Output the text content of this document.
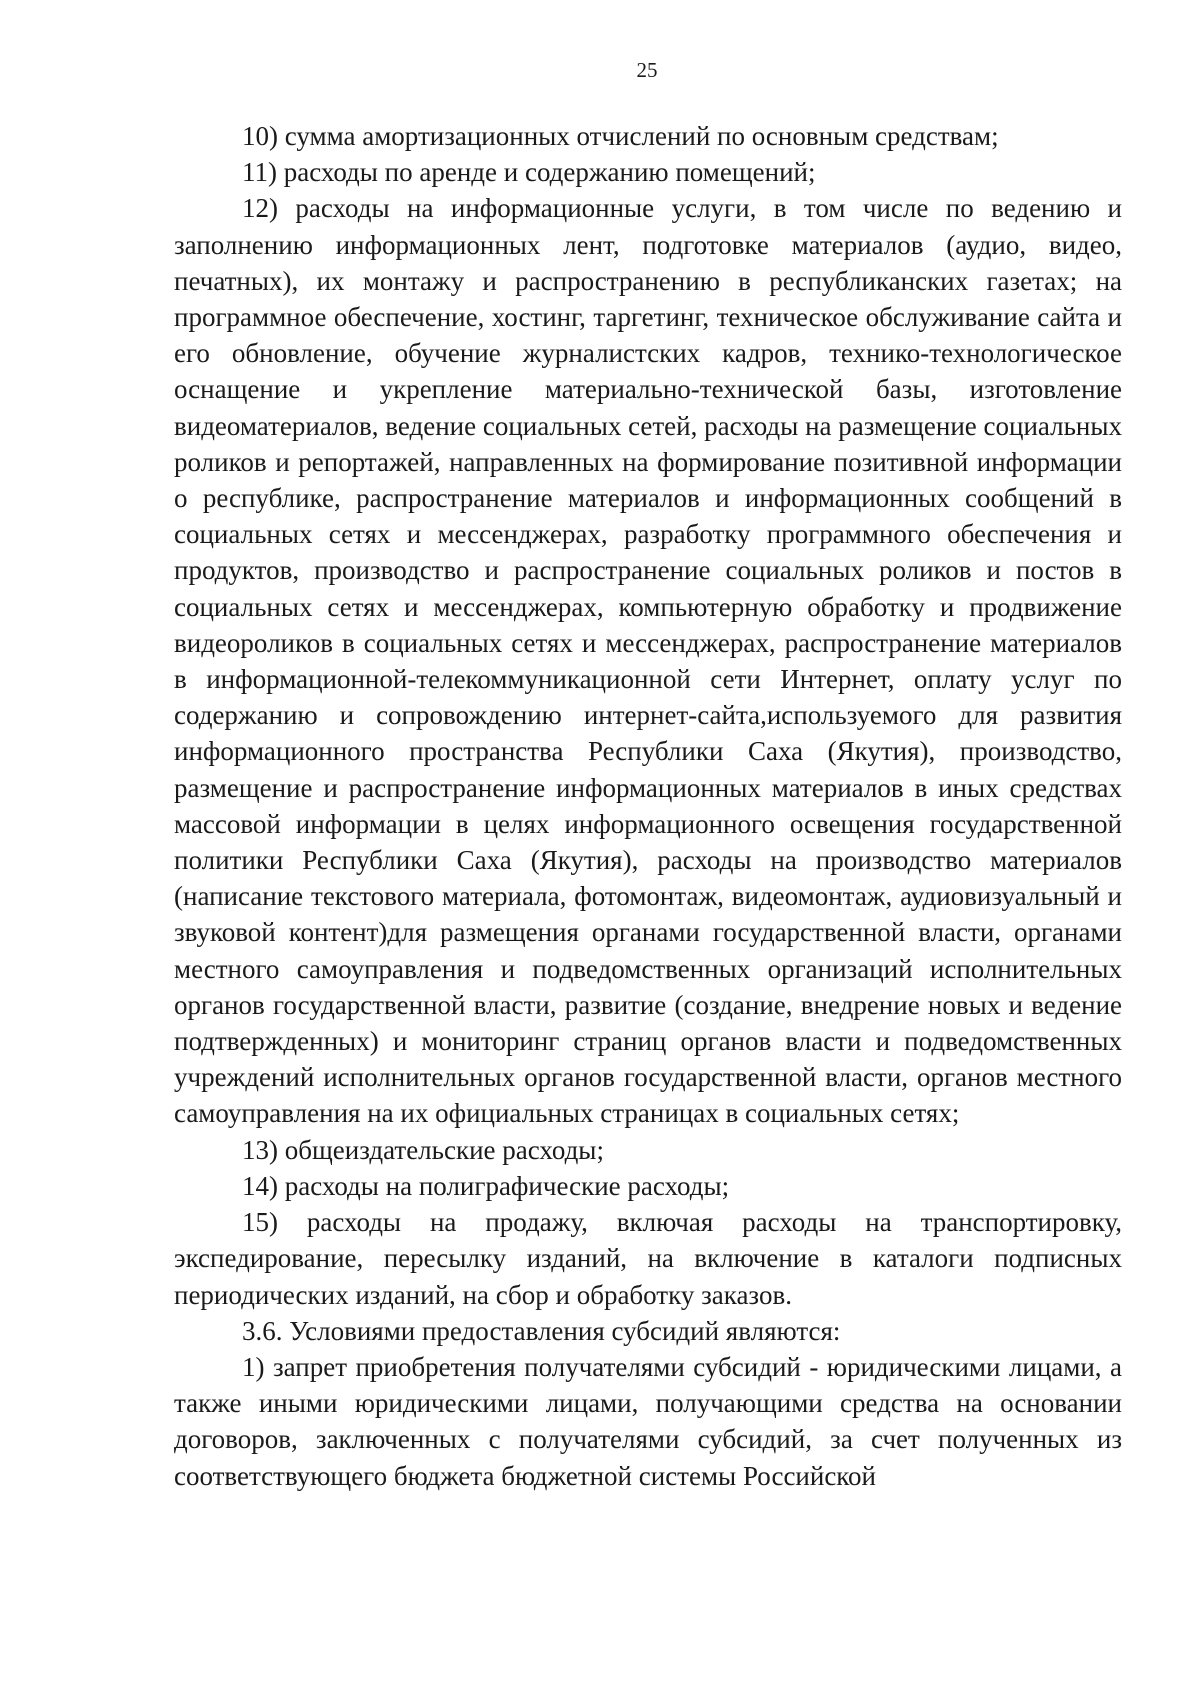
25

10) сумма амортизационных отчислений по основным средствам;

11) расходы по аренде и содержанию помещений;

12) расходы на информационные услуги, в том числе по ведению и заполнению информационных лент, подготовке материалов (аудио, видео, печатных), их монтажу и распространению в республиканских газетах; на программное обеспечение, хостинг, таргетинг, техническое обслуживание сайта и его обновление, обучение журналистских кадров, технико-технологическое оснащение и укрепление материально-технической базы, изготовление видеоматериалов, ведение социальных сетей, расходы на размещение социальных роликов и репортажей, направленных на формирование позитивной информации о республике, распространение материалов и информационных сообщений в социальных сетях и мессенджерах, разработку программного обеспечения и продуктов, производство и распространение социальных роликов и постов в социальных сетях и мессенджерах, компьютерную обработку и продвижение видеороликов в социальных сетях и мессенджерах, распространение материалов в информационной-телекоммуникационной сети Интернет, оплату услуг по содержанию и сопровождению интернет-сайта,используемого для развития информационного пространства Республики Саха (Якутия), производство, размещение и распространение информационных материалов в иных средствах массовой информации в целях информационного освещения государственной политики Республики Саха (Якутия), расходы на производство материалов (написание текстового материала, фотомонтаж, видеомонтаж, аудиовизуальный и звуковой контент)для размещения органами государственной власти, органами местного самоуправления и подведомственных организаций исполнительных органов государственной власти, развитие (создание, внедрение новых и ведение подтвержденных) и мониторинг страниц органов власти и подведомственных учреждений исполнительных органов государственной власти, органов местного самоуправления на их официальных страницах в социальных сетях;

13) общеиздательские расходы;

14) расходы на полиграфические расходы;

15) расходы на продажу, включая расходы на транспортировку, экспедирование, пересылку изданий, на включение в каталоги подписных периодических изданий, на сбор и обработку заказов.

3.6. Условиями предоставления субсидий являются:

1) запрет приобретения получателями субсидий - юридическими лицами, а также иными юридическими лицами, получающими средства на основании договоров, заключенных с получателями субсидий, за счет полученных из соответствующего бюджета бюджетной системы Российской
